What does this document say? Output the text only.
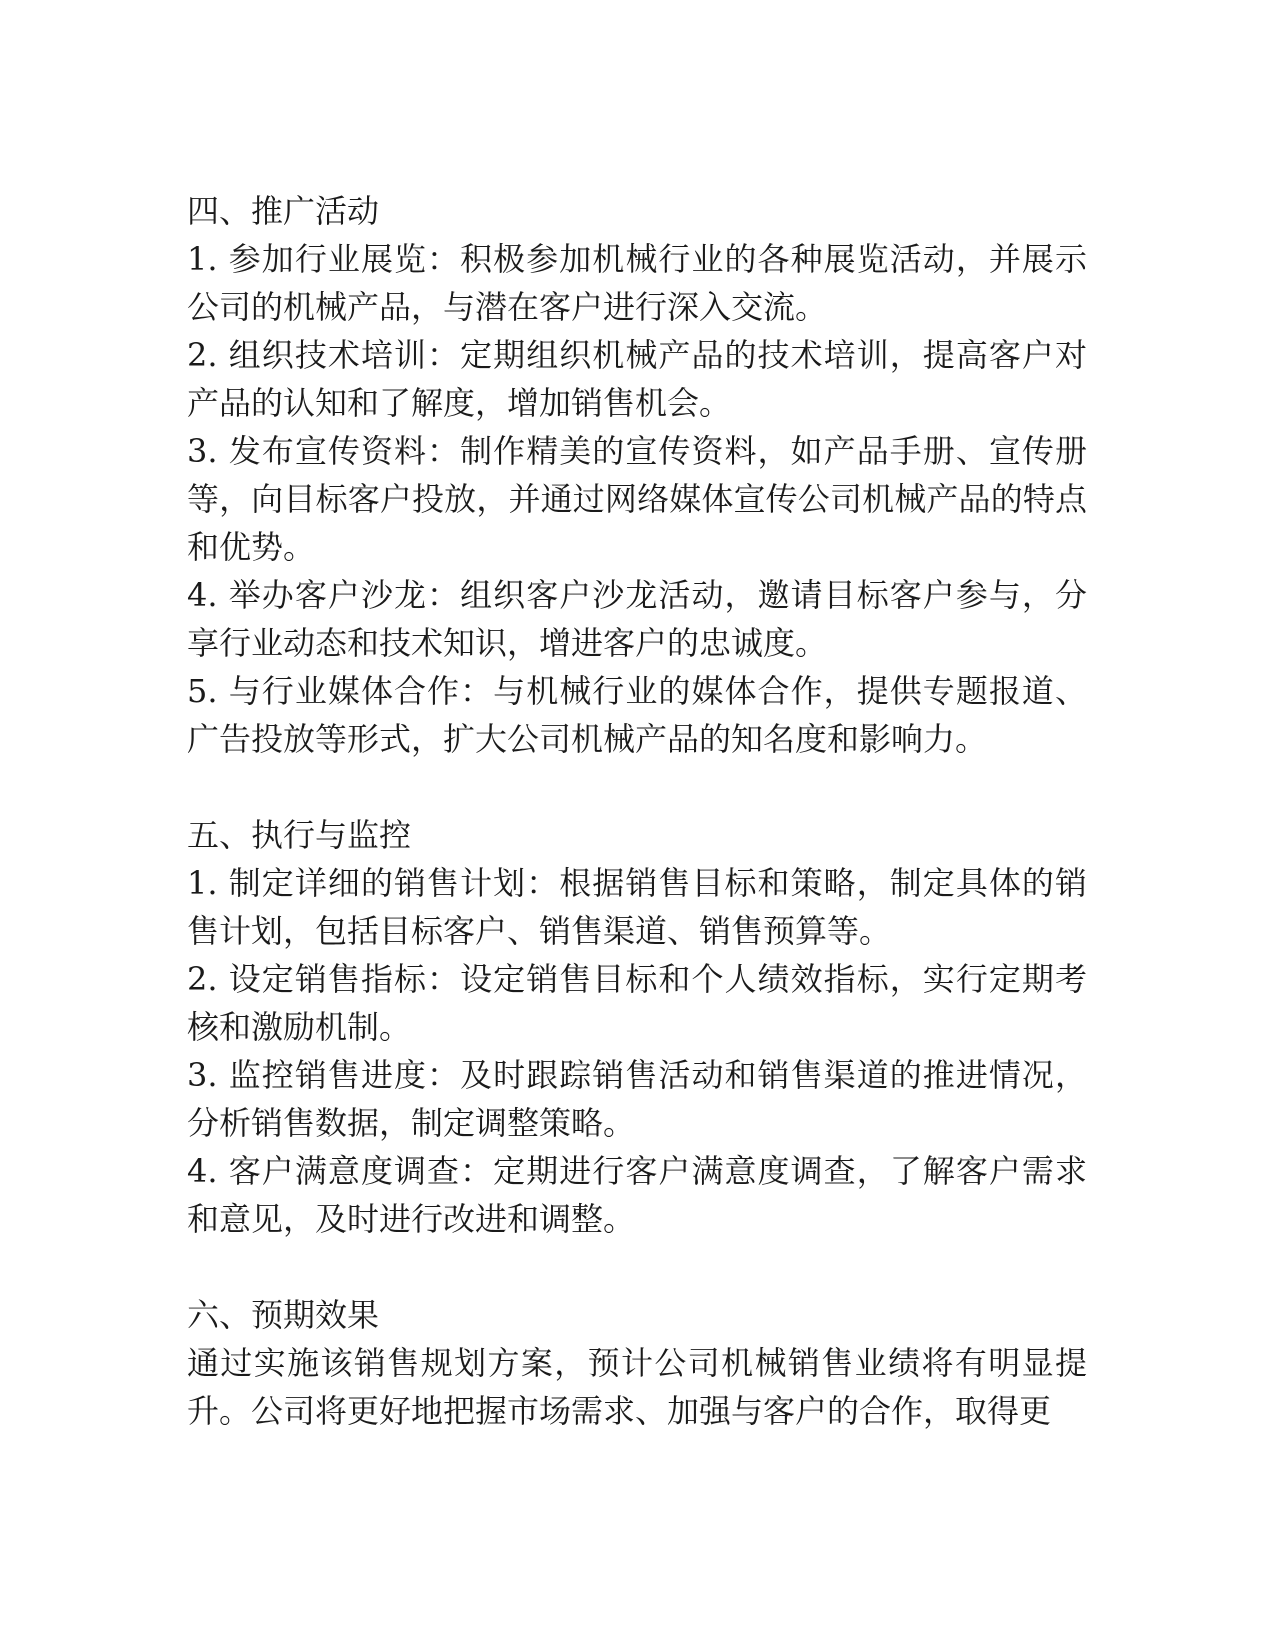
四、推广活动

1. 参加行业展览：积极参加机械行业的各种展览活动，并展示公司的机械产品，与潜在客户进行深入交流。

2. 组织技术培训：定期组织机械产品的技术培训，提高客户对产品的认知和了解度，增加销售机会。

3. 发布宣传资料：制作精美的宣传资料，如产品手册、宣传册等，向目标客户投放，并通过网络媒体宣传公司机械产品的特点和优势。

4. 举办客户沙龙：组织客户沙龙活动，邀请目标客户参与，分享行业动态和技术知识，增进客户的忠诚度。

5. 与行业媒体合作：与机械行业的媒体合作，提供专题报道、广告投放等形式，扩大公司机械产品的知名度和影响力。

五、执行与监控

1. 制定详细的销售计划：根据销售目标和策略，制定具体的销售计划，包括目标客户、销售渠道、销售预算等。

2. 设定销售指标：设定销售目标和个人绩效指标，实行定期考核和激励机制。

3. 监控销售进度：及时跟踪销售活动和销售渠道的推进情况，分析销售数据，制定调整策略。

4. 客户满意度调查：定期进行客户满意度调查，了解客户需求和意见，及时进行改进和调整。

六、预期效果

通过实施该销售规划方案，预计公司机械销售业绩将有明显提升。公司将更好地把握市场需求、加强与客户的合作，取得更
